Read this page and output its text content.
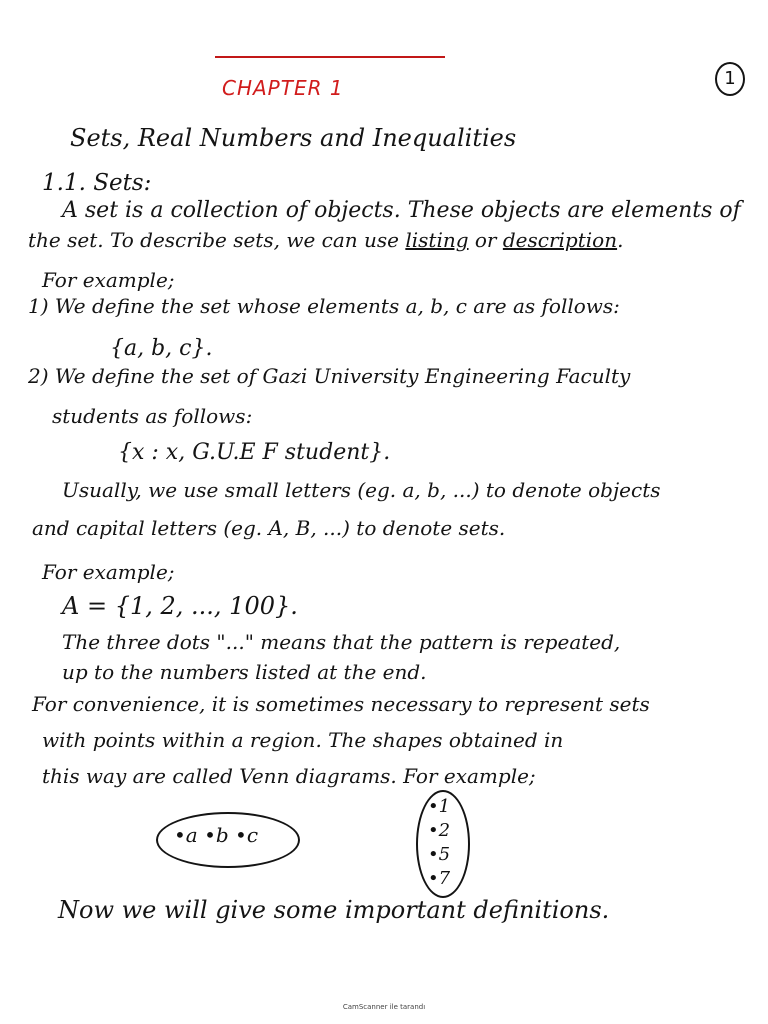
CHAPTER 1	1
Sets, Real Numbers and Inequalities
1.1. Sets:
A set is a collection of objects. These objects are elements of
the set. To describe sets, we can use listing or description.
For example;
1) We define the set whose elements a, b, c are as follows:
{a, b, c}.
2) We define the set of Gazi University Engineering Faculty
students as follows:
{x : x, G.U.E F student}.
Usually, we use small letters (eg. a, b, ...) to denote objects
and capital letters (eg. A, B, ...) to denote sets.
For example;
A = {1, 2, ..., 100}.
The three dots "..." means that the pattern is repeated,
up to the numbers listed at the end.
For convenience, it is sometimes necessary to represent sets
with points within a region. The shapes obtained in
this way are called Venn diagrams. For example;
•a •b •c
•1
•2
•5
•7
Now we will give some important definitions.
CamScanner ile tarandı
